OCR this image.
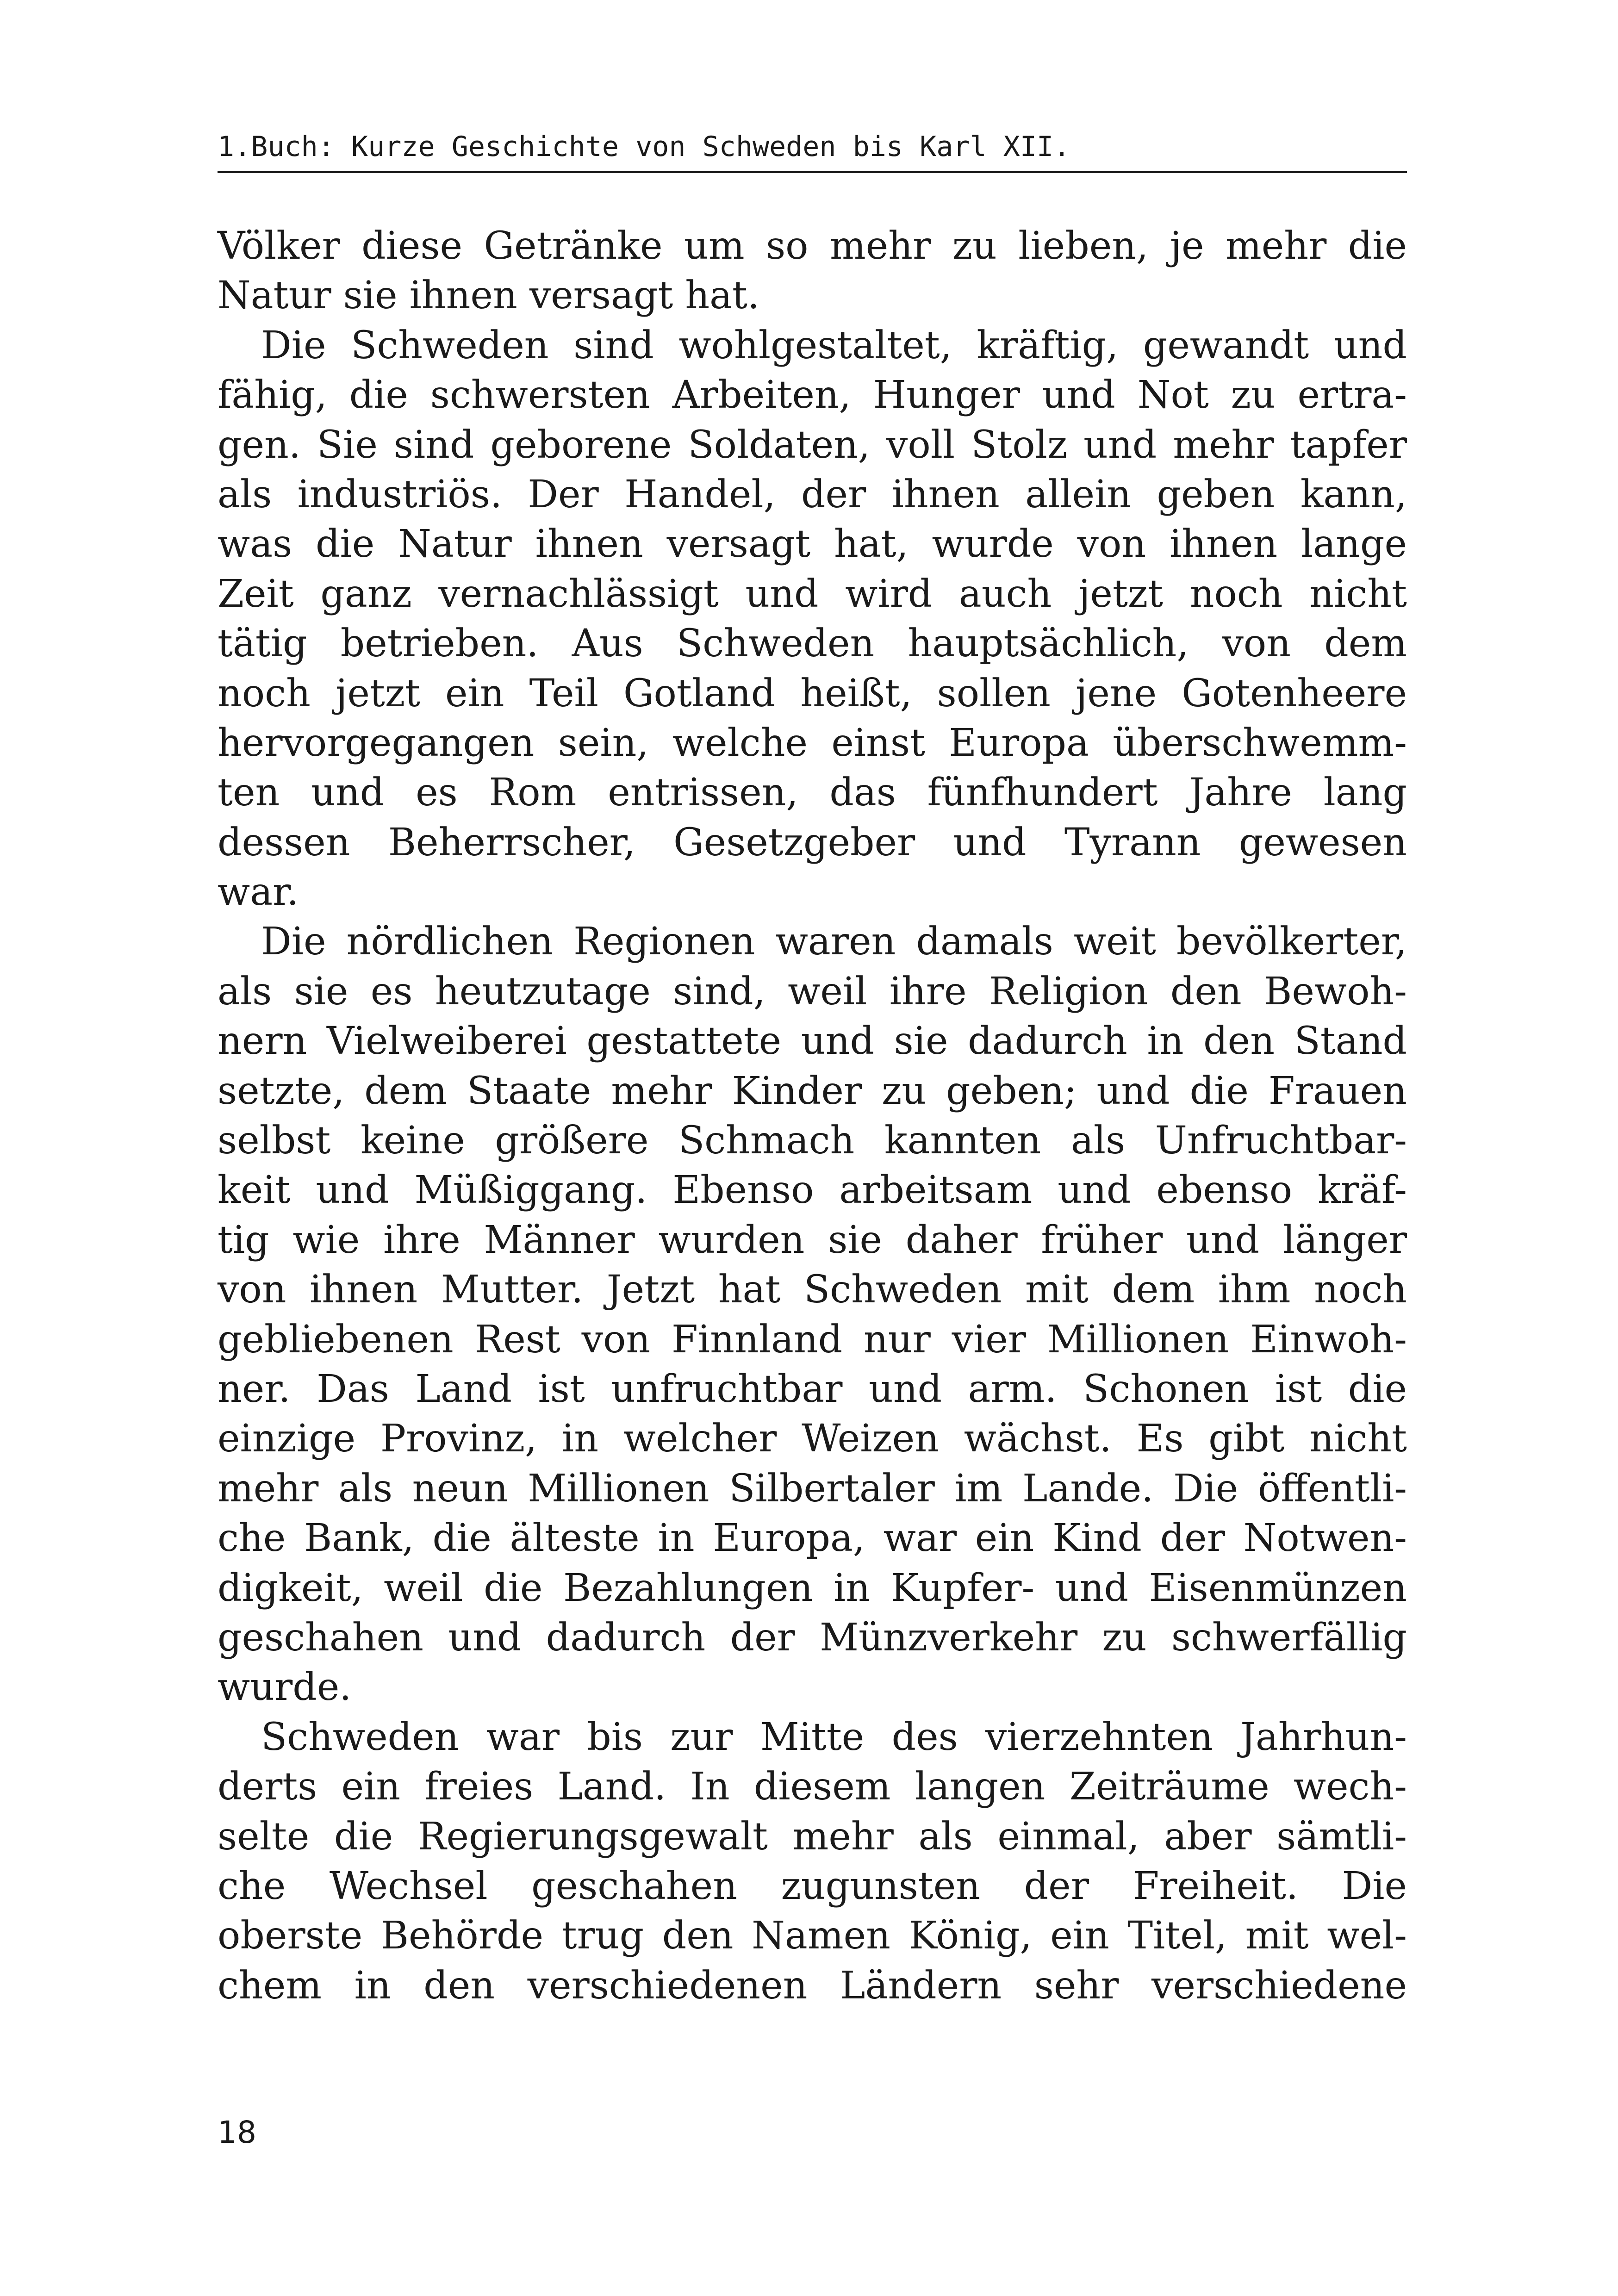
1.Buch: Kurze Geschichte von Schweden bis Karl XII.
Völker diese Getränke um so mehr zu lieben, je mehr die
Natur sie ihnen versagt hat.
Die Schweden sind wohlgestaltet, kräftig, gewandt und
fähig, die schwersten Arbeiten, Hunger und Not zu ertra-
gen. Sie sind geborene Soldaten, voll Stolz und mehr tapfer
als industriös. Der Handel, der ihnen allein geben kann,
was die Natur ihnen versagt hat, wurde von ihnen lange
Zeit ganz vernachlässigt und wird auch jetzt noch nicht
tätig betrieben. Aus Schweden hauptsächlich, von dem
noch jetzt ein Teil Gotland heißt, sollen jene Gotenheere
hervorgegangen sein, welche einst Europa überschwemm-
ten und es Rom entrissen, das fünfhundert Jahre lang
dessen Beherrscher, Gesetzgeber und Tyrann gewesen
war.
Die nördlichen Regionen waren damals weit bevölkerter,
als sie es heutzutage sind, weil ihre Religion den Bewoh-
nern Vielweiberei gestattete und sie dadurch in den Stand
setzte, dem Staate mehr Kinder zu geben; und die Frauen
selbst keine größere Schmach kannten als Unfruchtbar-
keit und Müßiggang. Ebenso arbeitsam und ebenso kräf-
tig wie ihre Männer wurden sie daher früher und länger
von ihnen Mutter. Jetzt hat Schweden mit dem ihm noch
gebliebenen Rest von Finnland nur vier Millionen Einwoh-
ner. Das Land ist unfruchtbar und arm. Schonen ist die
einzige Provinz, in welcher Weizen wächst. Es gibt nicht
mehr als neun Millionen Silbertaler im Lande. Die öffentli-
che Bank, die älteste in Europa, war ein Kind der Notwen-
digkeit, weil die Bezahlungen in Kupfer- und Eisenmünzen
geschahen und dadurch der Münzverkehr zu schwerfällig
wurde.
Schweden war bis zur Mitte des vierzehnten Jahrhun-
derts ein freies Land. In diesem langen Zeiträume wech-
selte die Regierungsgewalt mehr als einmal, aber sämtli-
che Wechsel geschahen zugunsten der Freiheit. Die
oberste Behörde trug den Namen König, ein Titel, mit wel-
chem in den verschiedenen Ländern sehr verschiedene
18
